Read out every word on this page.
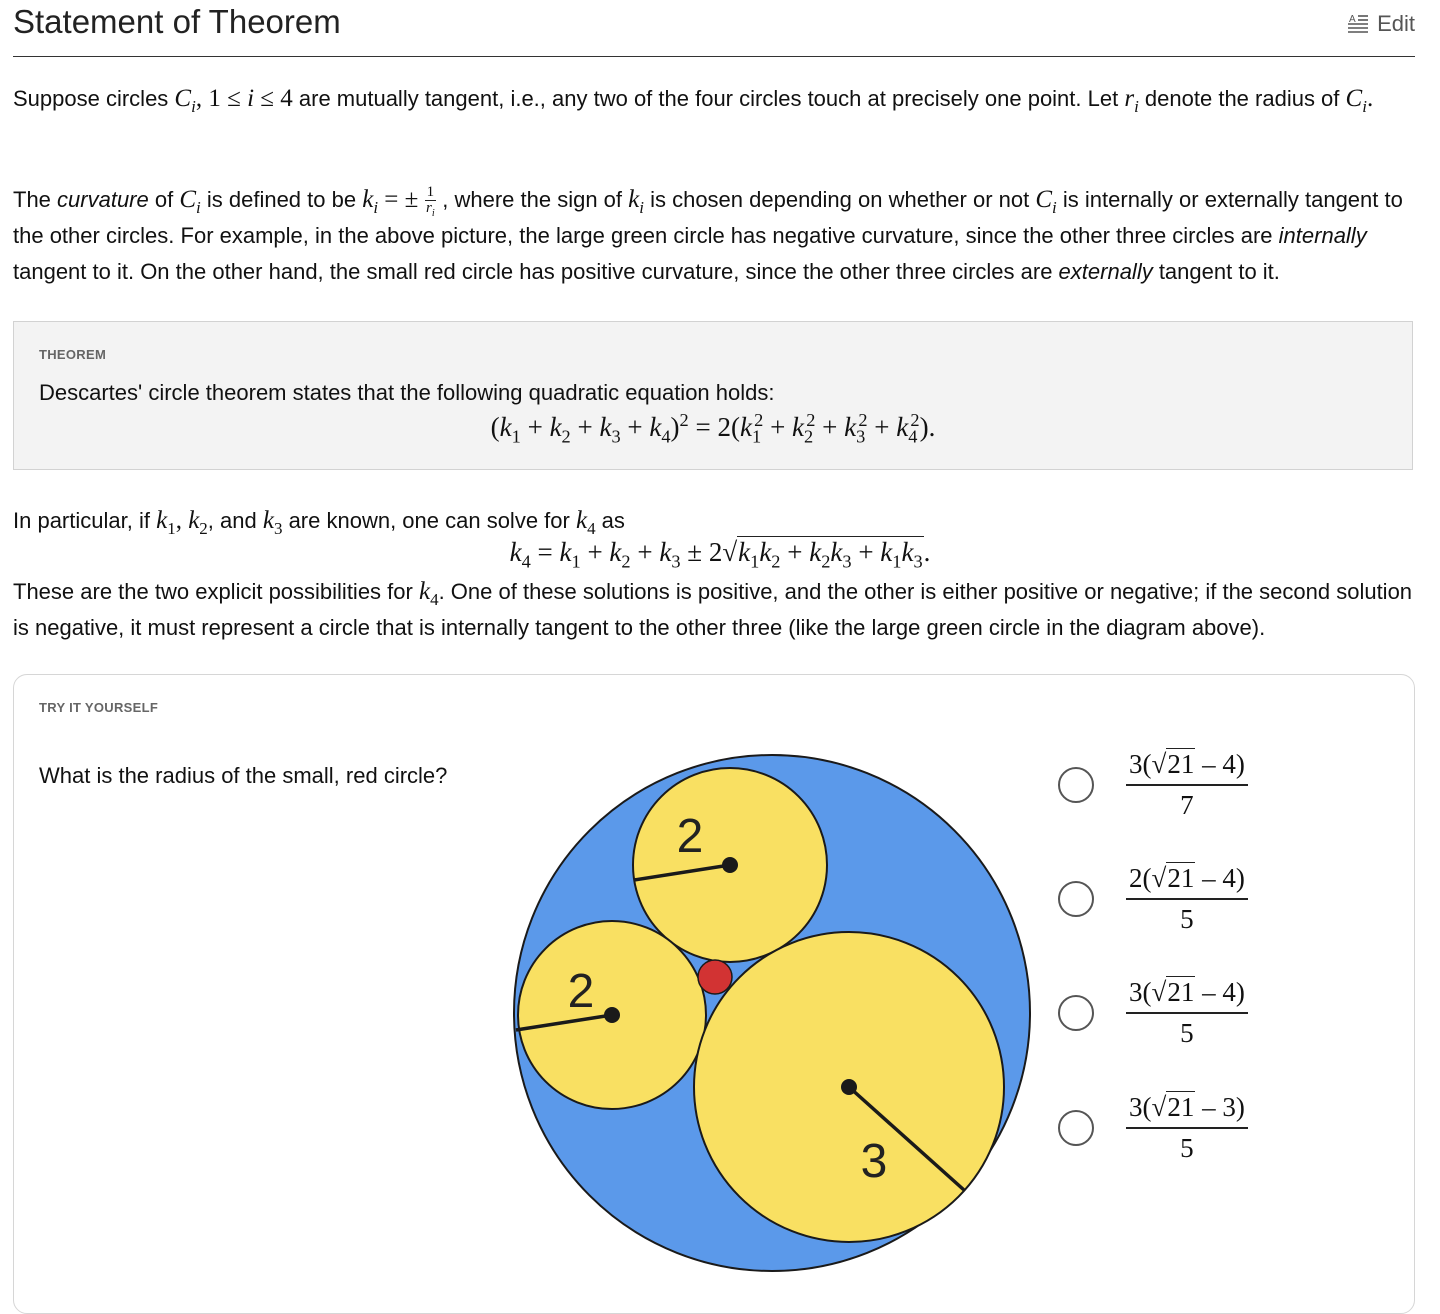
Statement of Theorem	A Edit

Suppose circles $C_i$, 1 ≤ i ≤ 4 are mutually tangent, i.e., any two of the four circles touch at precisely one point. Let $r_i$ denote the radius of $C_i$.

The curvature of $C_i$ is defined to be $k_i$ = ± $\frac{1}{r_i}$ , where the sign of $k_i$ is chosen depending on whether or not $C_i$ is internally or externally tangent to the other circles. For example, in the above picture, the large green circle has negative curvature, since the other three circles are internally tangent to it. On the other hand, the small red circle has positive curvature, since the other three circles are externally tangent to it.

THEOREM

Descartes' circle theorem states that the following quadratic equation holds:

$(k_1 + k_2 + k_3 + k_4)^2 = 2(k_1^2 + k_2^2 + k_3^2 + k_4^2)$.

In particular, if $k_1$, $k_2$, and $k_3$ are known, one can solve for $k_4$ as

$k_4 = k_1 + k_2 + k_3 \pm 2√k_1k_2 + k_2k_3 + k_1k_3$.

These are the two explicit possibilities for $k_4$. One of these solutions is positive, and the other is either positive or negative; if the second solution is negative, it must represent a circle that is internally tangent to the other three (like the large green circle in the diagram above).

TRY IT YOURSELF

What is the radius of the small, red circle?

2
2
3
$\frac{3(√21 - 4)}{7}$
$\frac{2(√21 - 4)}{5}$
$\frac{3(√21 - 4)}{5}$
$\frac{3(√21 - 3)}{5}$
